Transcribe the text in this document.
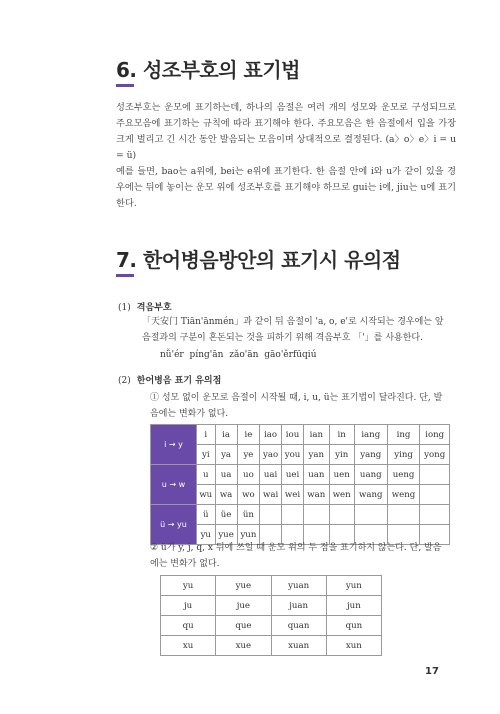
6. 성조부호의 표기법

성조부호는 운모에 표기하는데, 하나의 음절은 여러 개의 성모와 운모로 구성되므로 주요모음에 표기하는 규칙에 따라 표기해야 한다. 주요모음은 한 음절에서 입을 가장 크게 벌리고 긴 시간 동안 발음되는 모음이며 상대적으로 결정된다. (a〉o〉e〉i = u = ü)

예를 들면, bao는 a위에, bei는 e위에 표기한다. 한 음절 안에 i와 u가 같이 있을 경우에는 뒤에 놓이는 운모 위에 성조부호를 표기해야 하므로 gui는 i에, jiu는 u에 표기한다.

7. 한어병음방안의 표기시 유의점
(1) 격음부호

「天安门 Tiān'ānmén」과 같이 뒤 음절이 'a, o, e'로 시작되는 경우에는 앞 음절과의 구분이 혼돈되는 것을 피하기 위해 격음부호 「'」를 사용한다.

nǚ'ér píng'ān zǎo'ān gāo'ěrfūqiú
(2) 한어병음 표기 유의점

① 성모 없이 운모로 음절이 시작될 때, i, u, ü는 표기법이 달라진다. 단, 발음에는 변화가 없다.

i → y	i	ia	ie	iao	iou	ian	in	iang	ing	iong
	yi	ya	ye	yao	you	yan	yin	yang	ying	yong
u → w	u	ua	uo	uai	uei	uan	uen	uang	ueng	
	wu	wa	wo	wai	wei	wan	wen	wang	weng	
ü → yu	ü	üe	ün							
	yu	yue	yun							

② ü가 y, j, q, x 뒤에 쓰일 때 운모 위의 두 점을 표기하지 않는다. 단, 발음에는 변화가 없다.

yu	yue	yuan	yun
ju	jue	juan	jun
qu	que	quan	qun
xu	xue	xuan	xun
17
